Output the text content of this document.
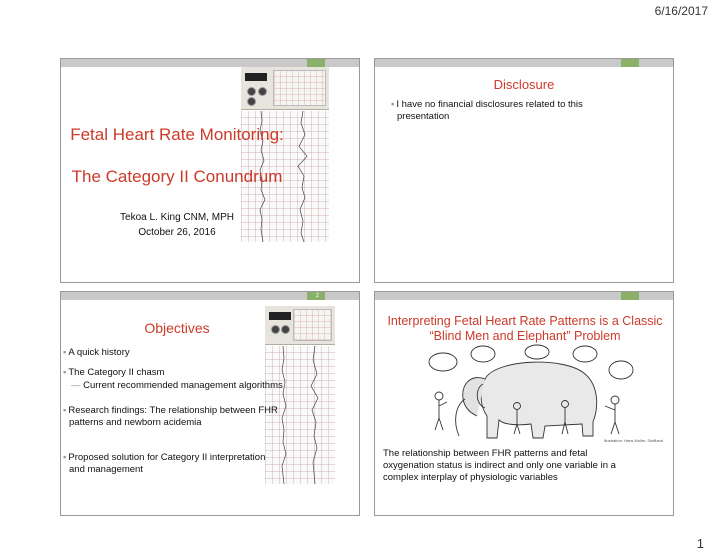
6/16/2017
Fetal Heart Rate Monitoring:
The Category II Conundrum
Tekoa L. King CNM, MPH
October 26, 2016
Disclosure
▪ I have no financial disclosures related to this
presentation
2
Objectives
▪ A quick history
▪ The Category II chasm
— Current recommended management algorithms
▪ Research findings: The relationship between FHR
patterns and newborn acidemia
▪ Proposed solution for Category II interpretation
and management
Interpreting Fetal Heart Rate Patterns is a Classic
“Blind Men and Elephant” Problem
Illustration: Hans Moller, Sintfland
The relationship between FHR patterns and fetal
oxygenation status is indirect and only one variable in a
complex interplay of physiologic variables
1
